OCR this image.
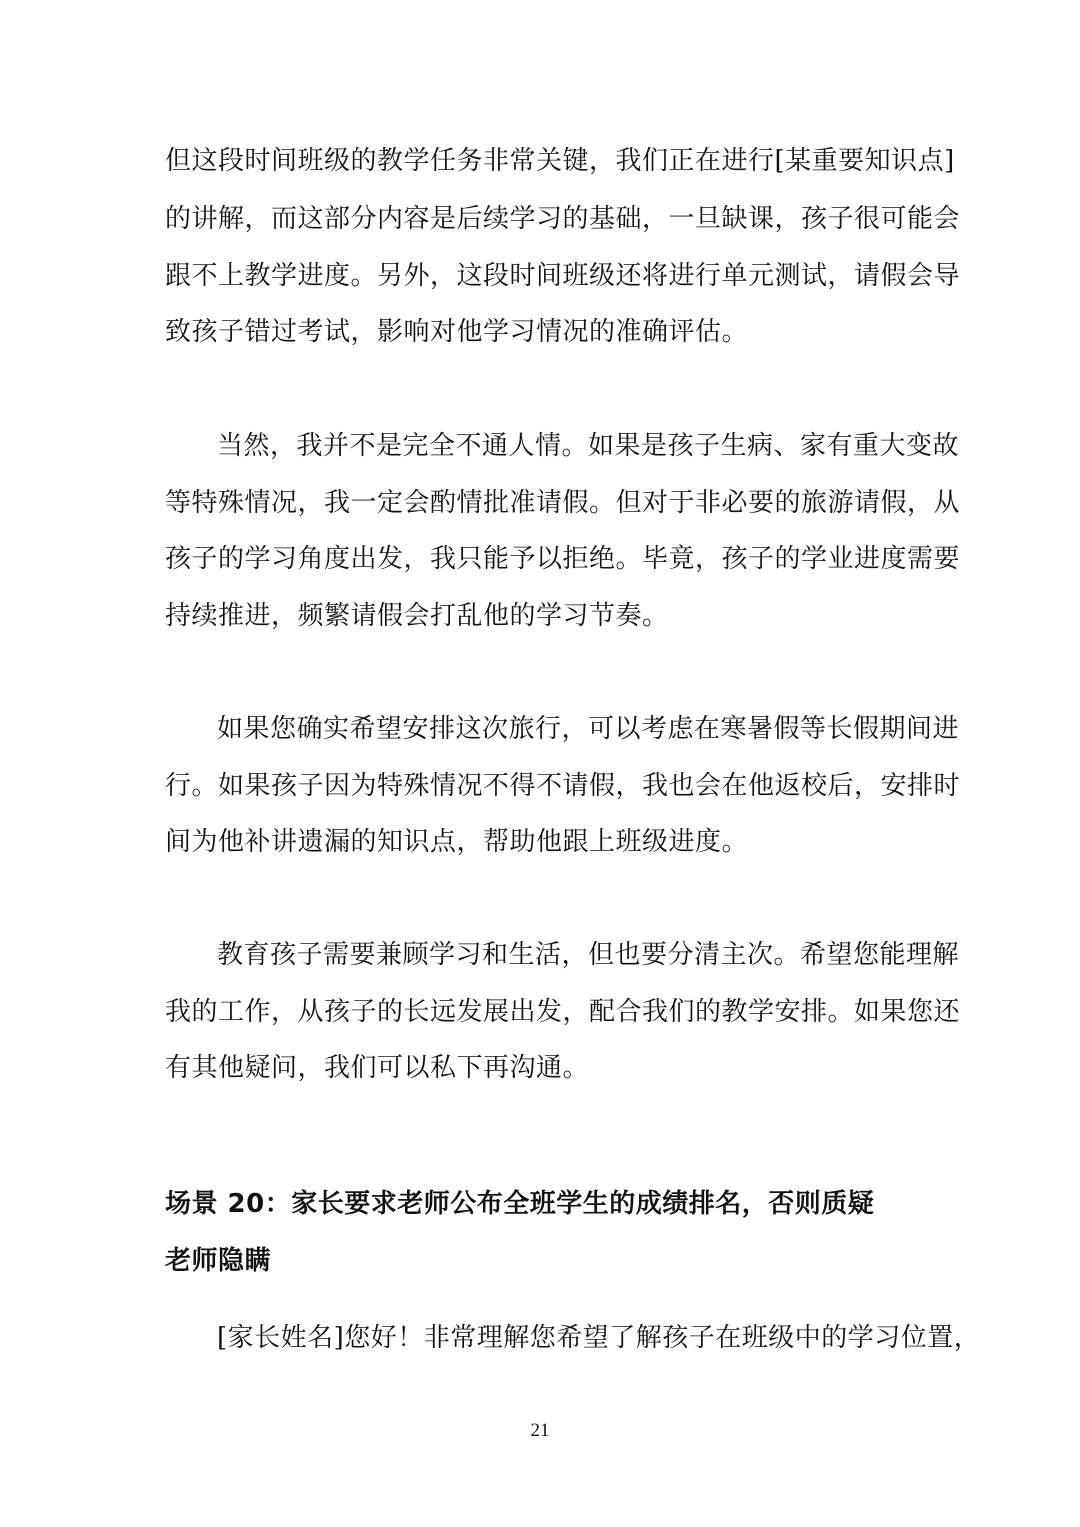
但这段时间班级的教学任务非常关键，我们正在进行[某重要知识点]
的讲解，而这部分内容是后续学习的基础，一旦缺课，孩子很可能会
跟不上教学进度。另外，这段时间班级还将进行单元测试，请假会导
致孩子错过考试，影响对他学习情况的准确评估。
当然，我并不是完全不通人情。如果是孩子生病、家有重大变故
等特殊情况，我一定会酌情批准请假。但对于非必要的旅游请假，从
孩子的学习角度出发，我只能予以拒绝。毕竟，孩子的学业进度需要
持续推进，频繁请假会打乱他的学习节奏。
如果您确实希望安排这次旅行，可以考虑在寒暑假等长假期间进
行。如果孩子因为特殊情况不得不请假，我也会在他返校后，安排时
间为他补讲遗漏的知识点，帮助他跟上班级进度。
教育孩子需要兼顾学习和生活，但也要分清主次。希望您能理解
我的工作，从孩子的长远发展出发，配合我们的教学安排。如果您还
有其他疑问，我们可以私下再沟通。
场景 20：家长要求老师公布全班学生的成绩排名，否则质疑
老师隐瞒
[家长姓名]您好！非常理解您希望了解孩子在班级中的学习位置，
21
